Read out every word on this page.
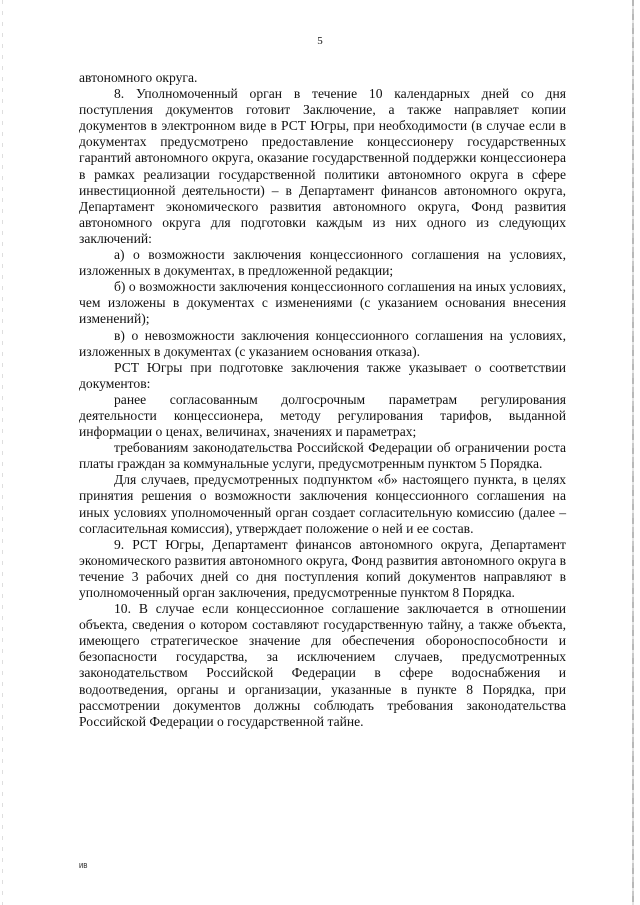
5

автономного округа.

8. Уполномоченный орган в течение 10 календарных дней со дня поступления документов готовит Заключение, а также направляет копии документов в электронном виде в РСТ Югры, при необходимости (в случае если в документах предусмотрено предоставление концессионеру государственных гарантий автономного округа, оказание государственной поддержки концессионера в рамках реализации государственной политики автономного округа в сфере инвестиционной деятельности) – в Департамент финансов автономного округа, Департамент экономического развития автономного округа, Фонд развития автономного округа для подготовки каждым из них одного из следующих заключений:

а) о возможности заключения концессионного соглашения на условиях, изложенных в документах, в предложенной редакции;

б) о возможности заключения концессионного соглашения на иных условиях, чем изложены в документах с изменениями (с указанием основания внесения изменений);

в) о невозможности заключения концессионного соглашения на условиях, изложенных в документах (с указанием основания отказа).

РСТ Югры при подготовке заключения также указывает о соответствии документов:

ранее согласованным долгосрочным параметрам регулирования деятельности концессионера, методу регулирования тарифов, выданной информации о ценах, величинах, значениях и параметрах;

требованиям законодательства Российской Федерации об ограничении роста платы граждан за коммунальные услуги, предусмотренным пунктом 5 Порядка.

Для случаев, предусмотренных подпунктом «б» настоящего пункта, в целях принятия решения о возможности заключения концессионного соглашения на иных условиях уполномоченный орган создает согласительную комиссию (далее – согласительная комиссия), утверждает положение о ней и ее состав.

9. РСТ Югры, Департамент финансов автономного округа, Департамент экономического развития автономного округа, Фонд развития автономного округа в течение 3 рабочих дней со дня поступления копий документов направляют в уполномоченный орган заключения, предусмотренные пунктом 8 Порядка.

10. В случае если концессионное соглашение заключается в отношении объекта, сведения о котором составляют государственную тайну, а также объекта, имеющего стратегическое значение для обеспечения обороноспособности и безопасности государства, за исключением случаев, предусмотренных законодательством Российской Федерации в сфере водоснабжения и водоотведения, органы и организации, указанные в пункте 8 Порядка, при рассмотрении документов должны соблюдать требования законодательства Российской Федерации о государственной тайне.

ИВ
